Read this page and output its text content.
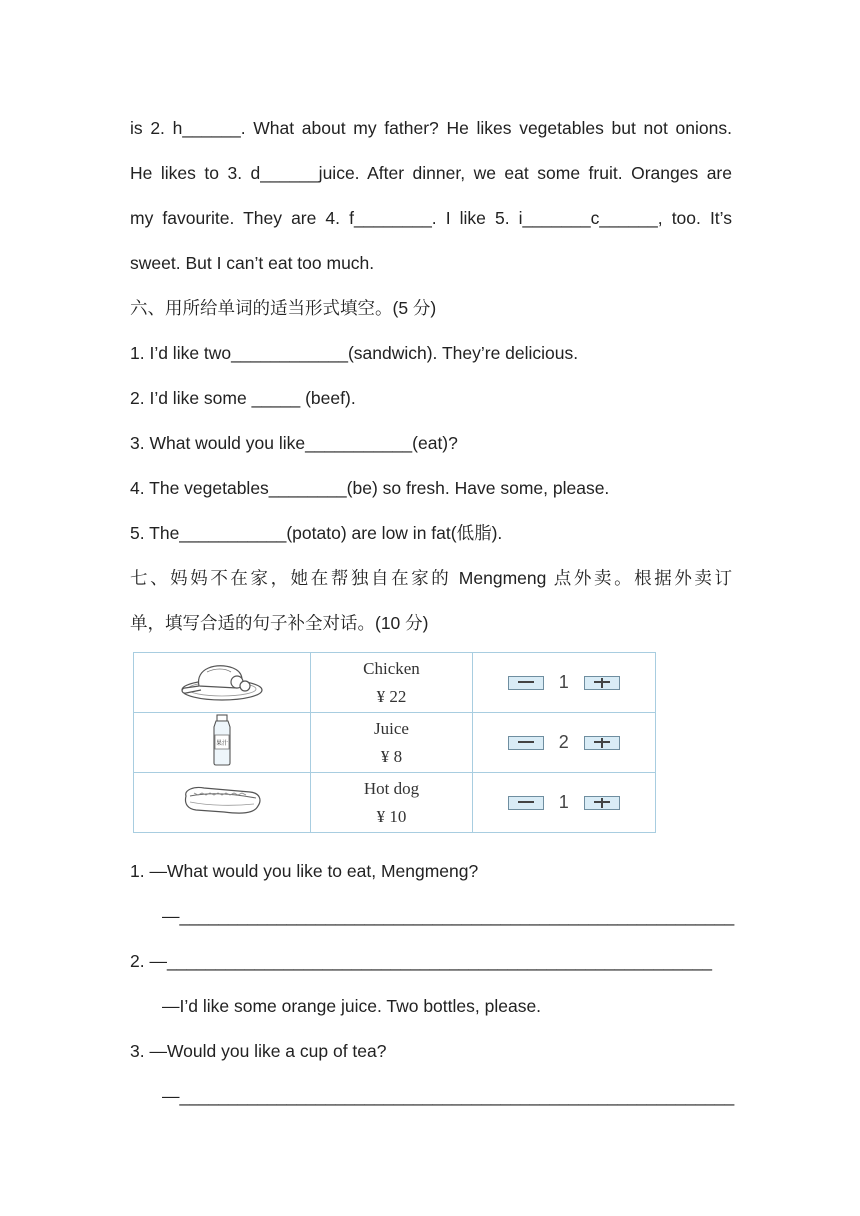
is 2. h______. What about my father? He likes vegetables but not onions.
He likes to 3. d______juice. After dinner, we eat some fruit. Oranges are
my favourite. They are 4. f________. I like 5. i_______c______, too. It’s
sweet. But I can’t eat too much.
六、用所给单词的适当形式填空。(5 分)
1. I’d like two____________(sandwich). They’re delicious.
2. I’d like some _____ (beef).
3. What would you like___________(eat)?
4. The vegetables________(be) so fresh. Have some, please.
5. The___________(potato) are low in fat(低脂).
七、妈妈不在家，她在帮独自在家的 Mengmeng 点外卖。根据外卖订
单，填写合适的句子补全对话。(10 分)

Chicken
¥ 22	1

果汁	Juice
¥ 8	2

Hot dog
¥ 10	1
1. —What would you like to eat, Mengmeng?
—_________________________________________________________
2. —________________________________________________________
—I’d like some orange juice. Two bottles, please.
3. —Would you like a cup of tea?
—_________________________________________________________
